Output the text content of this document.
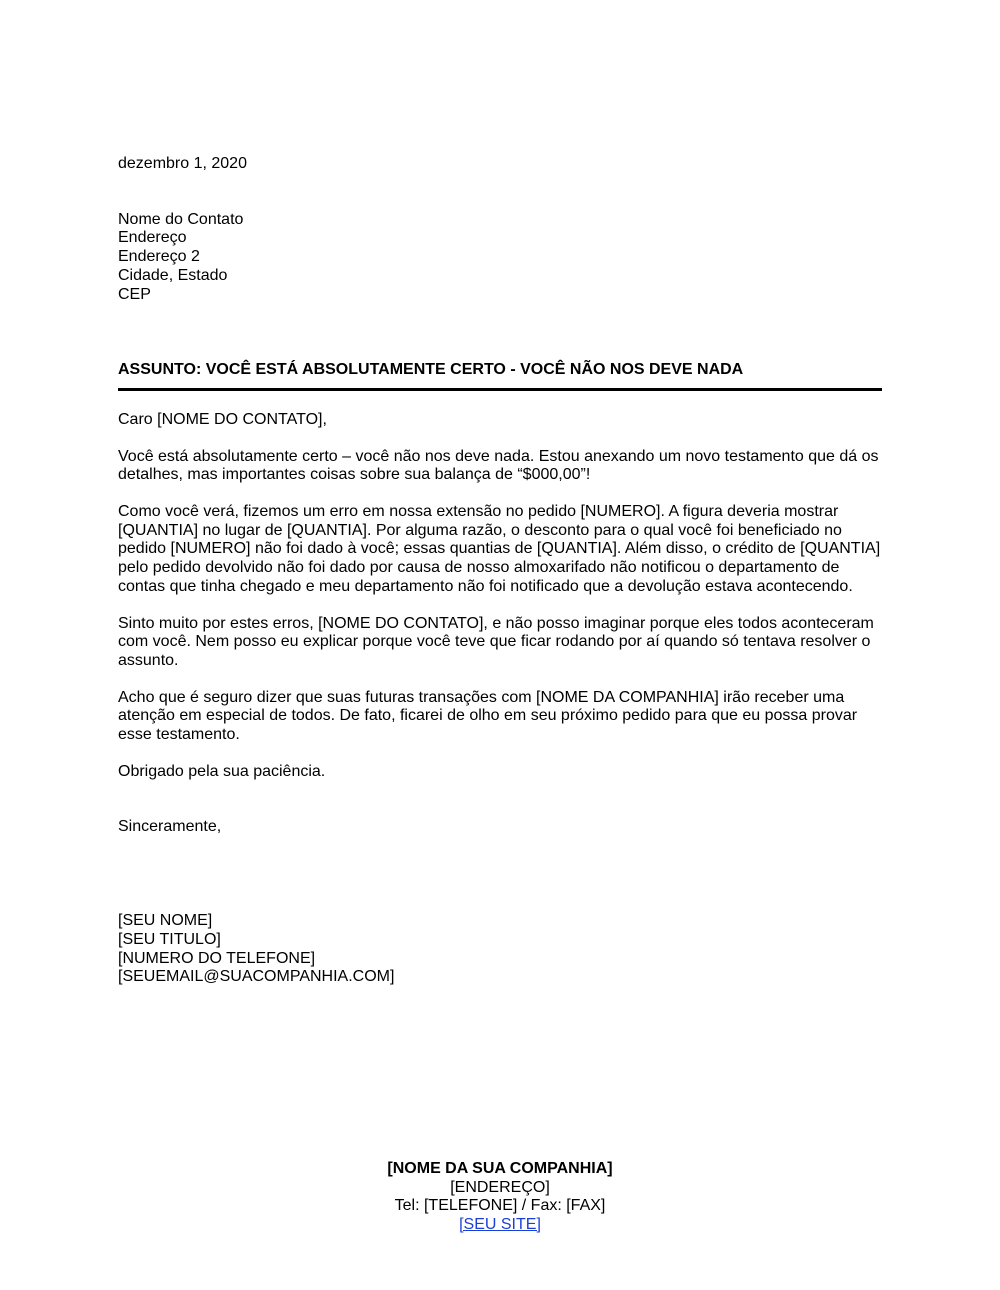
dezembro 1, 2020
Nome do Contato
Endereço
Endereço 2
Cidade, Estado
CEP
ASSUNTO: VOCÊ ESTÁ ABSOLUTAMENTE CERTO - VOCÊ NÃO NOS DEVE NADA
Caro [NOME DO CONTATO],

Você está absolutamente certo – você não nos deve nada. Estou anexando um novo testamento que dá os detalhes, mas importantes coisas sobre sua balança de “$000,00”!

Como você verá, fizemos um erro em nossa extensão no pedido [NUMERO]. A figura deveria mostrar [QUANTIA] no lugar de [QUANTIA]. Por alguma razão, o desconto para o qual você foi beneficiado no pedido [NUMERO] não foi dado à você; essas quantias de [QUANTIA]. Além disso, o crédito de [QUANTIA] pelo pedido devolvido não foi dado por causa de nosso almoxarifado não notificou o departamento de contas que tinha chegado e meu departamento não foi notificado que a devolução estava acontecendo.

Sinto muito por estes erros, [NOME DO CONTATO], e não posso imaginar porque eles todos aconteceram com você. Nem posso eu explicar porque você teve que ficar rodando por aí quando só tentava resolver o assunto.

Acho que é seguro dizer que suas futuras transações com [NOME DA COMPANHIA] irão receber uma atenção em especial de todos. De fato, ficarei de olho em seu próximo pedido para que eu possa provar esse testamento.

Obrigado pela sua paciência.

Sinceramente,
[SEU NOME]
[SEU TITULO]
[NUMERO DO TELEFONE]
[SEUEMAIL@SUACOMPANHIA.COM]
[NOME DA SUA COMPANHIA]
[ENDEREÇO]
Tel: [TELEFONE] / Fax: [FAX]
[SEU SITE]
